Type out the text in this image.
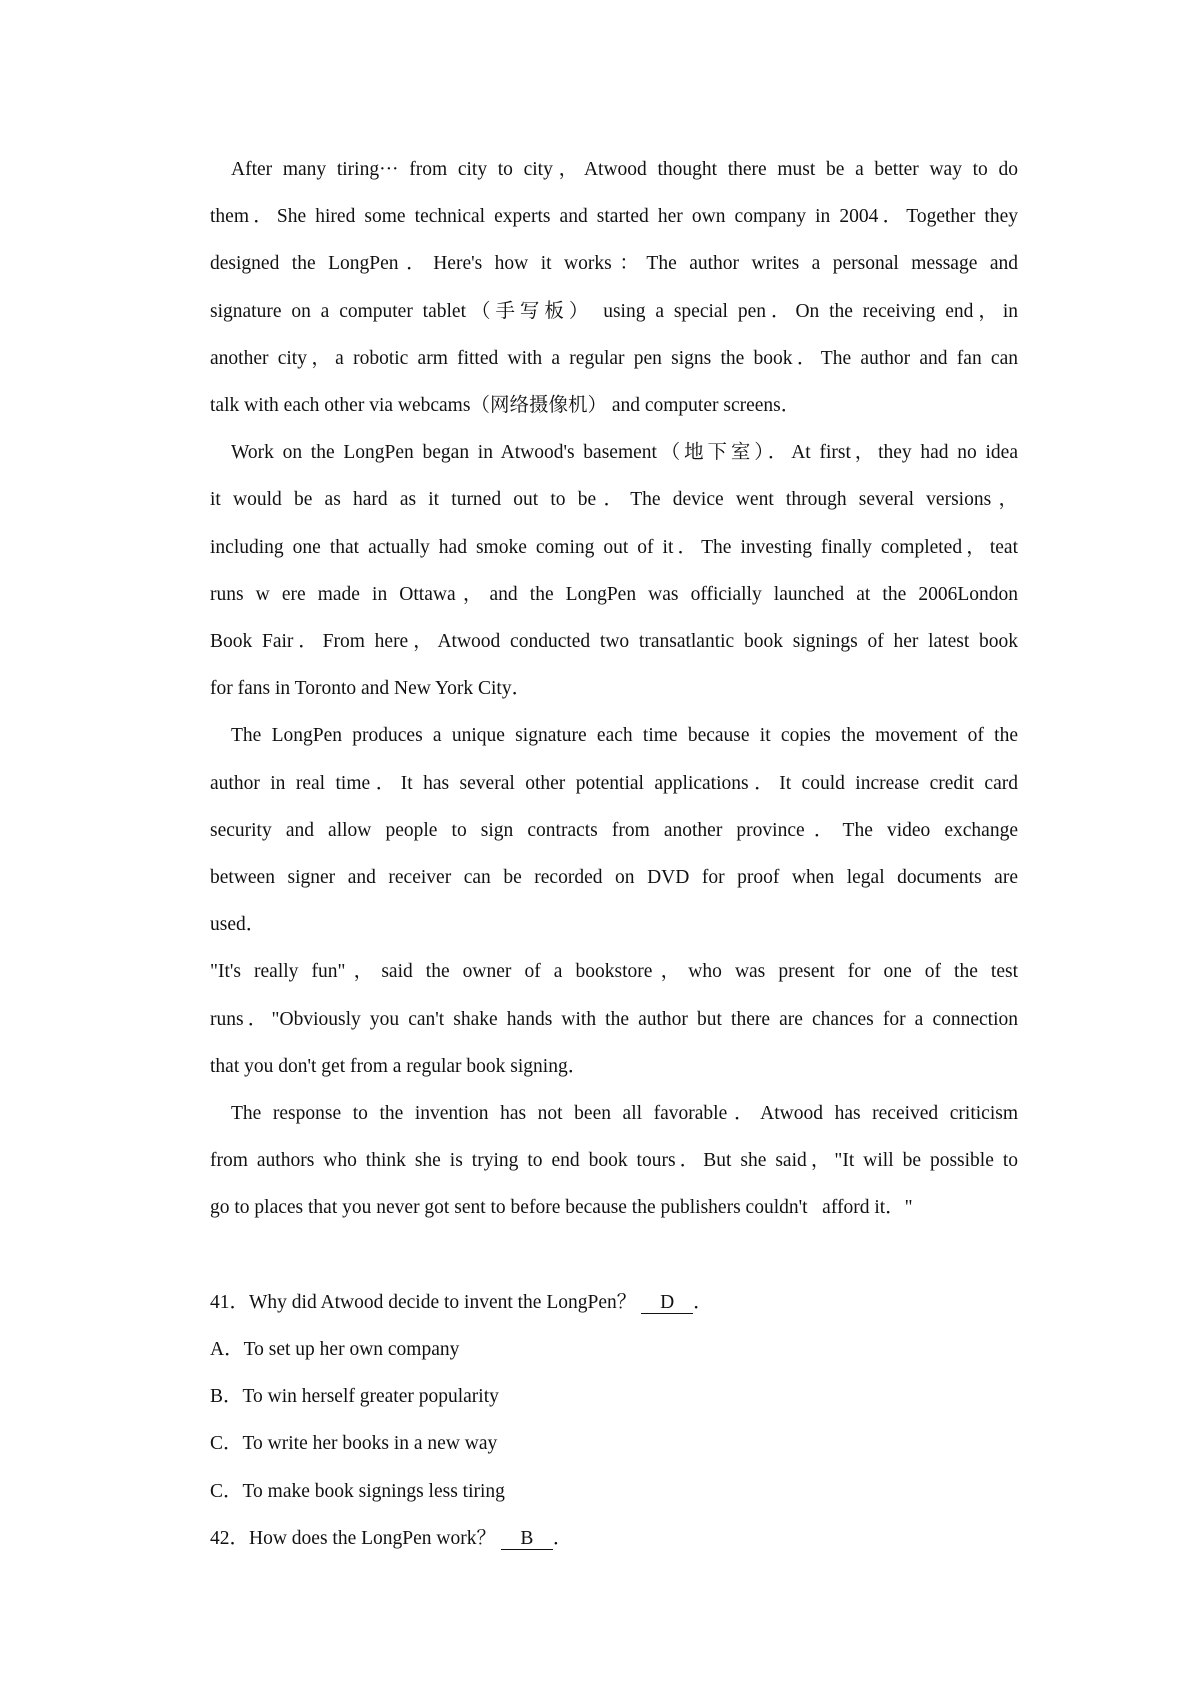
After many tiring··· from city to city，Atwood thought there must be a better way to do
them．She hired some technical experts and started her own company in 2004．Together they
designed the LongPen．Here's how it works：The author writes a personal message and
signature on a computer tablet（手写板） using a special pen．On the receiving end，in
another city，a robotic arm fitted with a regular pen signs the book．The author and fan can
talk with each other via webcams（网络摄像机） and computer screens．
Work on the LongPen began in Atwood's basement（地下室）．At first，they had no idea
it would be as hard as it turned out to be．The device went through several versions，
including one that actually had smoke coming out of it．The investing finally completed，teat
runs w ere made in Ottawa，and the LongPen was officially launched at the 2006London
Book Fair．From here，Atwood conducted two transatlantic book signings of her latest book
for fans in Toronto and New York City．
The LongPen produces a unique signature each time because it copies the movement of the
author in real time．It has several other potential applications．It could increase credit card
security and allow people to sign contracts from another province．The video exchange
between signer and receiver can be recorded on DVD for proof when legal documents are
used．
"It's really fun"，said the owner of a bookstore，who was present for one of the test
runs．"Obviously you can't shake hands with the author but there are chances for a connection
that you don't get from a regular book signing．
The response to the invention has not been all favorable．Atwood has received criticism
from authors who think she is trying to end book tours．But she said，"It will be possible to
go to places that you never got sent to before because the publishers couldn't   afford it．"

41．Why did Atwood decide to invent the LongPen？ D ．

A．To set up her own company

B．To win herself greater popularity

C．To write her books in a new way

C．To make book signings less tiring

42．How does the LongPen work？ B ．
